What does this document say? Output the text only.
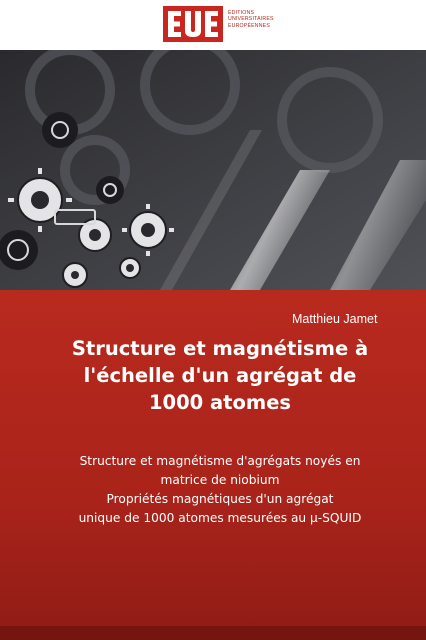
ÉDITIONS
UNIVERSITAIRES
EUROPÉENNES
Matthieu Jamet
Structure et magnétisme à
l'échelle d'un agrégat de
1000 atomes
Structure et magnétisme d'agrégats noyés en
matrice de niobium
Propriétés magnétiques d'un agrégat
unique de 1000 atomes mesurées au μ-SQUID
